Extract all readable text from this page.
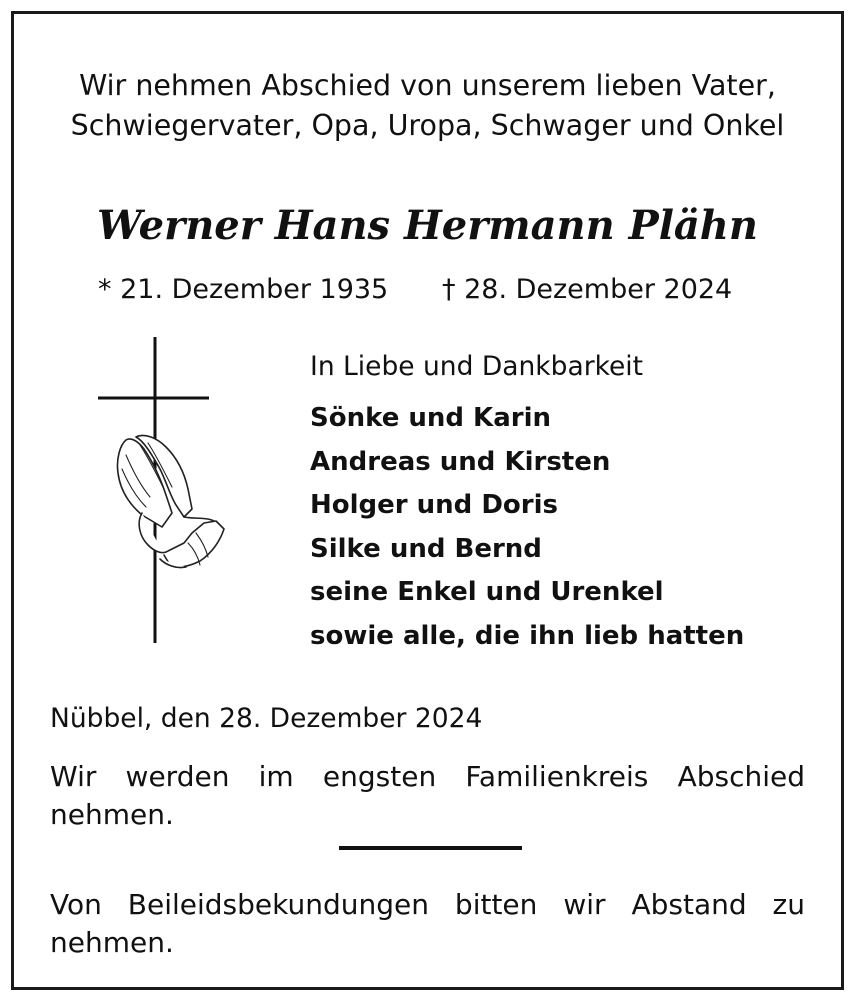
Wir nehmen Abschied von unserem lieben Vater, Schwiegervater, Opa, Uropa, Schwager und Onkel

Werner Hans Hermann Plähn

* 21. Dezember 1935 † 28. Dezember 2024

In Liebe und Dankbarkeit

Sönke und Karin
Andreas und Kirsten
Holger und Doris
Silke und Bernd
seine Enkel und Urenkel
sowie alle, die ihn lieb hatten

Nübbel, den 28. Dezember 2024

Wir werden im engsten Familienkreis Abschied nehmen.

Von Beileidsbekundungen bitten wir Abstand zu nehmen.
